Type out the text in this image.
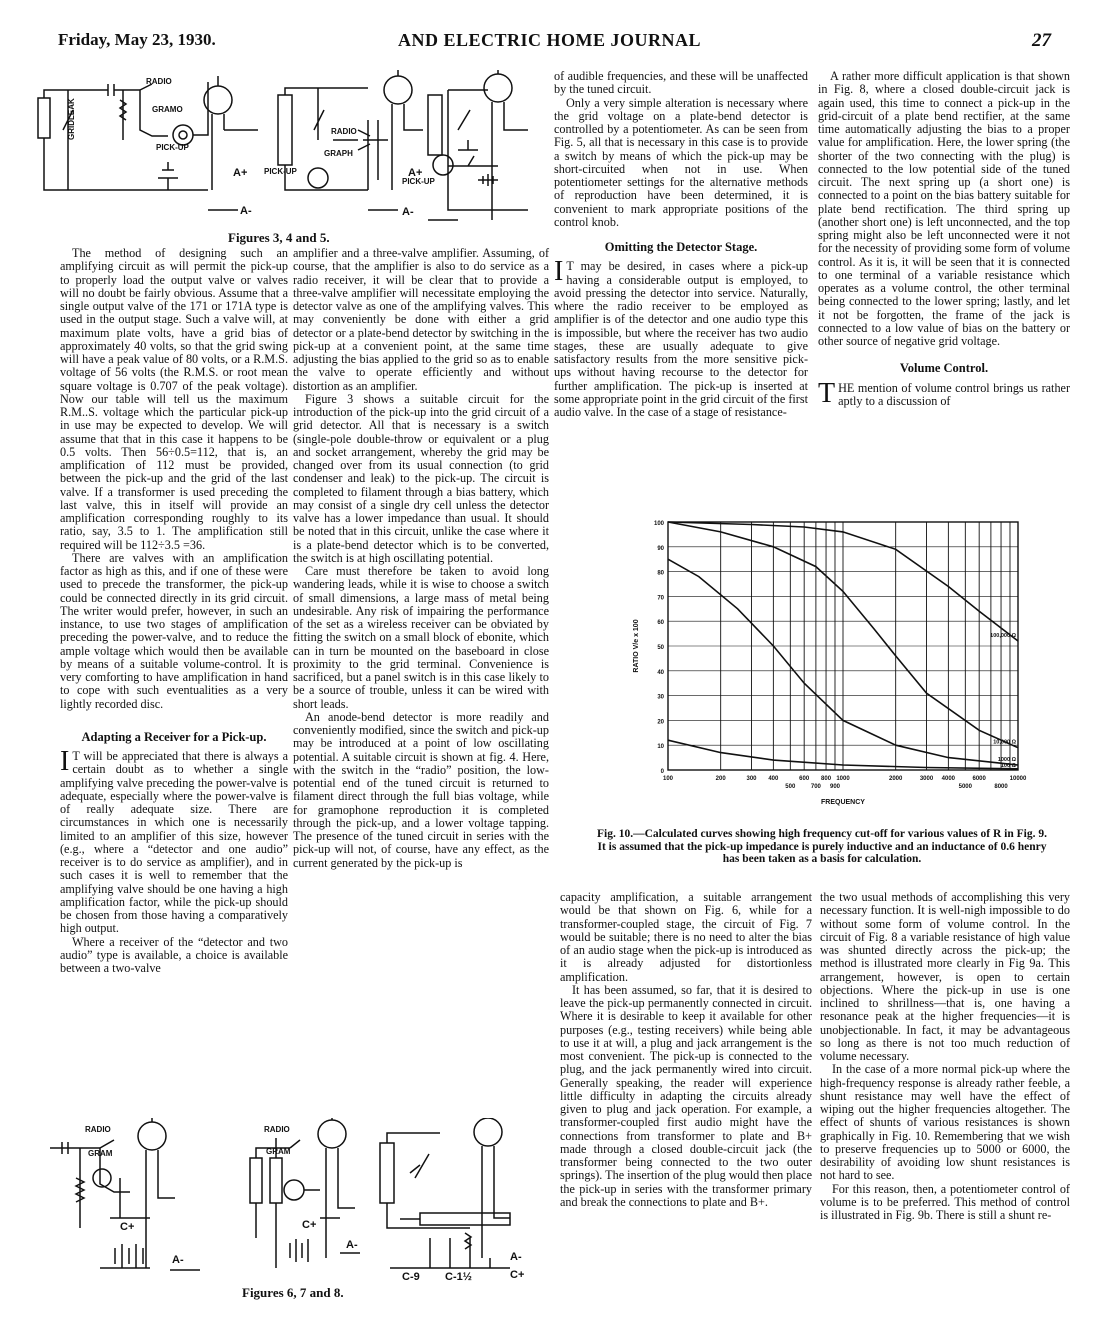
Friday, May 23, 1930.	AND ELECTRIC HOME JOURNAL	27
RADIO
GRAMO
PICK-UP
GRIDLEAK
A+
A-
RADIO
GRAPH
PICK-UP	A+
A-
PICK-UP
Figures 3, 4 and 5.

The method of designing such an amplifying circuit as will permit the pick-up to properly load the output valve or valves will no doubt be fairly obvious. Assume that a single output valve of the 171 or 171A type is used in the output stage. Such a valve will, at maximum plate volts, have a grid bias of approximately 40 volts, so that the grid swing will have a peak value of 80 volts, or a R.M.S. voltage of 56 volts (the R.M.S. or root mean square voltage is 0.707 of the peak voltage). Now our table will tell us the maximum R.M..S. voltage which the particular pick-up in use may be expected to develop. We will assume that that in this case it happens to be 0.5 volts. Then 56÷0.5=112, that is, an amplification of 112 must be provided, between the pick-up and the grid of the last valve. If a transformer is used preceding the last valve, this in itself will provide an amplification corresponding roughly to its ratio, say, 3.5 to 1. The amplification still required will be 112÷3.5 =36.

There are valves with an amplification factor as high as this, and if one of these were used to precede the transformer, the pick-up could be connected directly in its grid circuit. The writer would prefer, however, in such an instance, to use two stages of amplification preceding the power-valve, and to reduce the ample voltage which would then be available by means of a suitable volume-control. It is very comforting to have amplification in hand to cope with such eventualities as a very lightly recorded disc.

Adapting a Receiver for a Pick-up.

I T will be appreciated that there is always a certain doubt as to whether a single amplifying valve preceding the power-valve is adequate, especially where the power-valve is of really adequate size. There are circumstances in which one is necessarily limited to an amplifier of this size, however (e.g., where a “detector and one audio” receiver is to do service as amplifier), and in such cases it is well to remember that the amplifying valve should be one having a high amplification factor, while the pick-up should be chosen from those having a comparatively high output.

Where a receiver of the “detector and two audio” type is available, a choice is available between a two-valve

amplifier and a three-valve amplifier. Assuming, of course, that the amplifier is also to do service as a radio receiver, it will be clear that to provide a three-valve amplifier will necessitate employing the detector valve as one of the amplifying valves. This may conveniently be done with either a grid detector or a plate-bend detector by switching in the pick-up at a convenient point, at the same time adjusting the bias applied to the grid so as to enable the valve to operate efficiently and without distortion as an amplifier.

Figure 3 shows a suitable circuit for the introduction of the pick-up into the grid circuit of a grid detector. All that is necessary is a switch (single-pole double-throw or equivalent or a plug and socket arrangement, whereby the grid may be changed over from its usual connection (to grid condenser and leak) to the pick-up. The circuit is completed to filament through a bias battery, which may consist of a single dry cell unless the detector valve has a lower impedance than usual. It should be noted that in this circuit, unlike the case where it is a plate-bend detector which is to be converted, the switch is at high oscillating potential.

Care must therefore be taken to avoid long wandering leads, while it is wise to choose a switch of small dimensions, a large mass of metal being undesirable. Any risk of impairing the performance of the set as a wireless receiver can be obviated by fitting the switch on a small block of ebonite, which can in turn be mounted on the baseboard in close proximity to the grid terminal. Convenience is sacrificed, but a panel switch is in this case likely to be a source of trouble, unless it can be wired with short leads.

An anode-bend detector is more readily and conveniently modified, since the switch and pick-up may be introduced at a point of low oscillating potential. A suitable circuit is shown at fig. 4. Here, with the switch in the “radio” position, the low-potential end of the tuned circuit is returned to filament direct through the full bias voltage, while for gramophone reproduction it is completed through the pick-up, and a lower voltage tapping. The presence of the tuned circuit in series with the pick-up will not, of course, have any effect, as the current generated by the pick-up is

of audible frequencies, and these will be unaffected by the tuned circuit.

Only a very simple alteration is necessary where the grid voltage on a plate-bend detector is controlled by a potentiometer. As can be seen from Fig. 5, all that is necessary in this case is to provide a switch by means of which the pick-up may be short-circuited when not in use. When potentiometer settings for the alternative methods of reproduction have been determined, it is convenient to mark appropriate positions of the control knob.

Omitting the Detector Stage.

I T may be desired, in cases where a pick-up having a considerable output is employed, to avoid pressing the detector into service. Naturally, where the radio receiver to be employed as amplifier is of the detector and one audio type this is impossible, but where the receiver has two audio stages, these are usually adequate to give satisfactory results from the more sensitive pick-ups without having recourse to the detector for further amplification. The pick-up is inserted at some appropriate point in the grid circuit of the first audio valve. In the case of a stage of resistance-

A rather more difficult application is that shown in Fig. 8, where a closed double-circuit jack is again used, this time to connect a pick-up in the grid-circuit of a plate bend rectifier, at the same time automatically adjusting the bias to a proper value for amplification. Here, the lower spring (the shorter of the two connecting with the plug) is connected to the low potential side of the tuned circuit. The next spring up (a short one) is connected to a point on the bias battery suitable for plate bend rectification. The third spring up (another short one) is left unconnected, and the top spring might also be left unconnected were it not for the necessity of providing some form of volume control. As it is, it will be seen that it is connected to one terminal of a variable resistance which operates as a volume control, the other terminal being connected to the lower spring; lastly, and let it not be forgotten, the frame of the jack is connected to a low value of bias on the battery or other source of negative grid voltage.

Volume Control.

THE mention of volume control brings us rather aptly to a discussion of

0
10
20
30
40
50
60
70
80
90
100
100	200	300 400	600 800 1000	2000	3000 4000	6000	10000
500	700 900	5000	8000
FREQUENCY
RATIO V/e x 100	100,000 Ω
10,000 Ω
1000 Ω
100 Ω
Fig. 10.—Calculated curves showing high frequency cut-off for various values of R in Fig. 9. It is assumed that the pick-up impedance is purely inductive and an inductance of 0.6 henry has been taken as a basis for calculation.

capacity amplification, a suitable arrangement would be that shown on Fig. 6, while for a transformer-coupled stage, the circuit of Fig. 7 would be suitable; there is no need to alter the bias of an audio stage when the pick-up is introduced as it is already adjusted for distortionless amplification.

It has been assumed, so far, that it is desired to leave the pick-up permanently connected in circuit. Where it is desirable to keep it available for other purposes (e.g., testing receivers) while being able to use it at will, a plug and jack arrangement is the most convenient. The pick-up is connected to the plug, and the jack permanently wired into circuit. Generally speaking, the reader will experience little difficulty in adapting the circuits already given to plug and jack operation. For example, a transformer-coupled first audio might have the connections from transformer to plate and B+ made through a closed double-circuit jack (the transformer being connected to the two outer springs). The insertion of the plug would then place the pick-up in series with the transformer primary and break the connections to plate and B+.

the two usual methods of accomplishing this very necessary function. It is well-nigh impossible to do without some form of volume control. In the circuit of Fig. 8 a variable resistance of high value was shunted directly across the pick-up; the method is illustrated more clearly in Fig 9a. This arrangement, however, is open to certain objections. Where the pick-up in use is one inclined to shrillness—that is, one having a resonance peak at the higher frequencies—it is unobjectionable. In fact, it may be advantageous so long as there is not too much reduction of volume necessary.

In the case of a more normal pick-up where the high-frequency response is already rather feeble, a shunt resistance may well have the effect of wiping out the higher frequencies altogether. The effect of shunts of various resistances is shown graphically in Fig. 10. Remembering that we wish to preserve frequencies up to 5000 or 6000, the desirability of avoiding low shunt resistances is not hard to see.

For this reason, then, a potentiometer control of volume is to be preferred. This method of control is illustrated in Fig. 9b. There is still a shunt re-

RADIO
GRAM
C+
A-
RADIO
GRAM
C+
A-
C-9 C-1½
A-
C+
Figures 6, 7 and 8.
